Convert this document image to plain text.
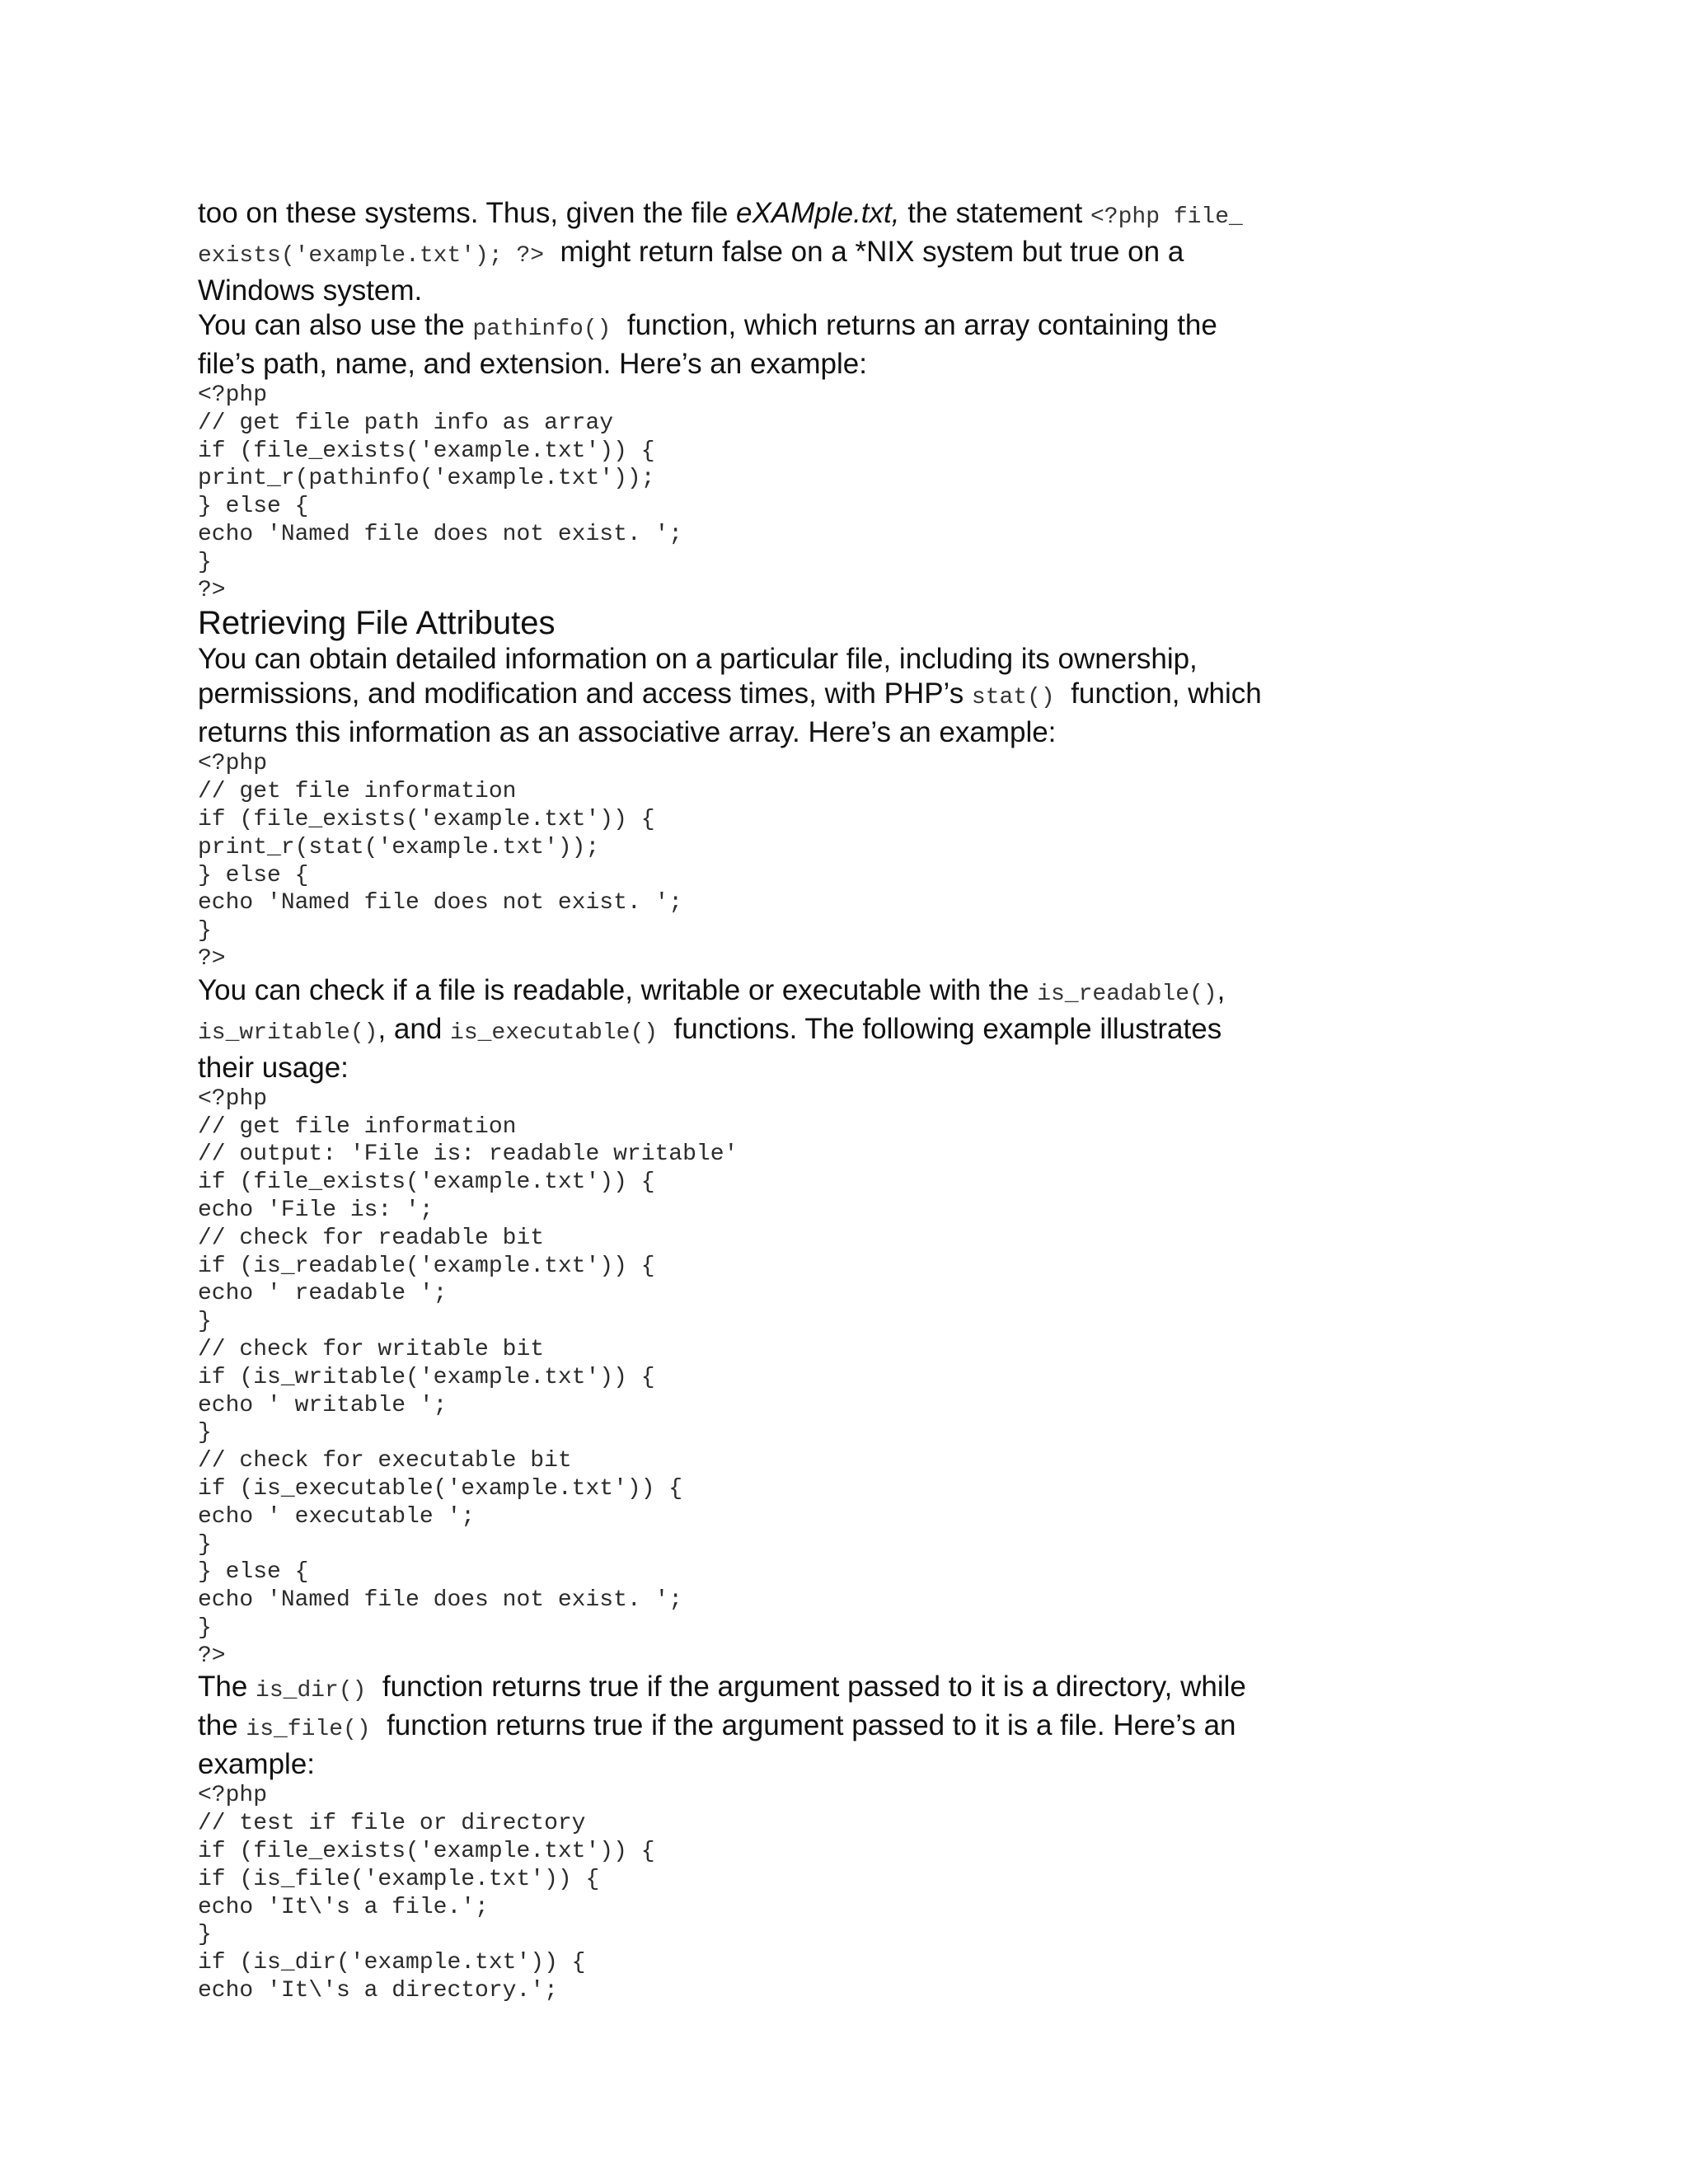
too on these systems. Thus, given the file eXAMple.txt, the statement <?php file_
exists('example.txt'); ?>  might return false on a *NIX system but true on a
Windows system.

You can also use the pathinfo()  function, which returns an array containing the
file’s path, name, and extension. Here’s an example:

<?php
// get file path info as array
if (file_exists('example.txt')) {
print_r(pathinfo('example.txt'));
} else {
echo 'Named file does not exist. ';
}
?>
Retrieving File Attributes

You can obtain detailed information on a particular file, including its ownership,
permissions, and modification and access times, with PHP’s stat()  function, which
returns this information as an associative array. Here’s an example:

<?php
// get file information
if (file_exists('example.txt')) {
print_r(stat('example.txt'));
} else {
echo 'Named file does not exist. ';
}
?>

You can check if a file is readable, writable or executable with the is_readable(),
is_writable(), and is_executable()  functions. The following example illustrates
their usage:

<?php
// get file information
// output: 'File is: readable writable'
if (file_exists('example.txt')) {
echo 'File is: ';
// check for readable bit
if (is_readable('example.txt')) {
echo ' readable ';
}
// check for writable bit
if (is_writable('example.txt')) {
echo ' writable ';
}
// check for executable bit
if (is_executable('example.txt')) {
echo ' executable ';
}
} else {
echo 'Named file does not exist. ';
}
?>

The is_dir()  function returns true if the argument passed to it is a directory, while
the is_file()  function returns true if the argument passed to it is a file. Here’s an
example:

<?php
// test if file or directory
if (file_exists('example.txt')) {
if (is_file('example.txt')) {
echo 'It\'s a file.';
}
if (is_dir('example.txt')) {
echo 'It\'s a directory.';
